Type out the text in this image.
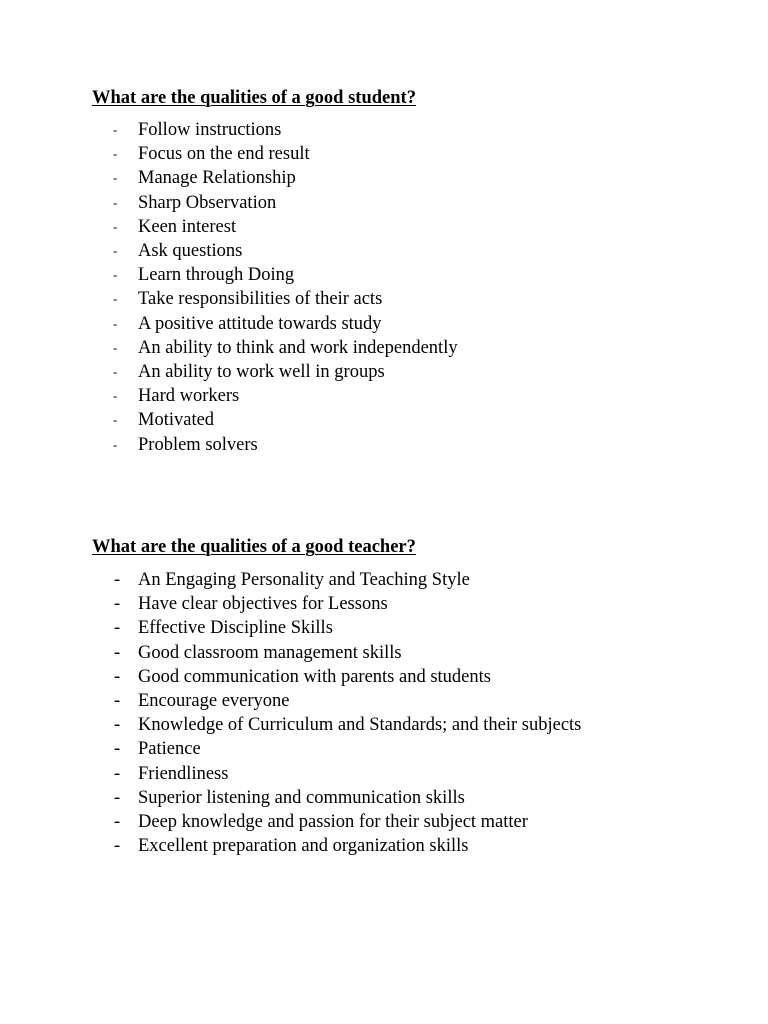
What are the qualities of a good student?
- Follow instructions
- Focus on the end result
- Manage Relationship
- Sharp Observation
- Keen interest
- Ask questions
- Learn through Doing
- Take responsibilities of their acts
- A positive attitude towards study
- An ability to think and work independently
- An ability to work well in groups
- Hard workers
- Motivated
- Problem solvers
What are the qualities of a good teacher?
- An Engaging Personality and Teaching Style
- Have clear objectives for Lessons
- Effective Discipline Skills
- Good classroom management skills
- Good communication with parents and students
- Encourage everyone
- Knowledge of Curriculum and Standards; and their subjects
- Patience
- Friendliness
- Superior listening and communication skills
- Deep knowledge and passion for their subject matter
- Excellent preparation and organization skills
